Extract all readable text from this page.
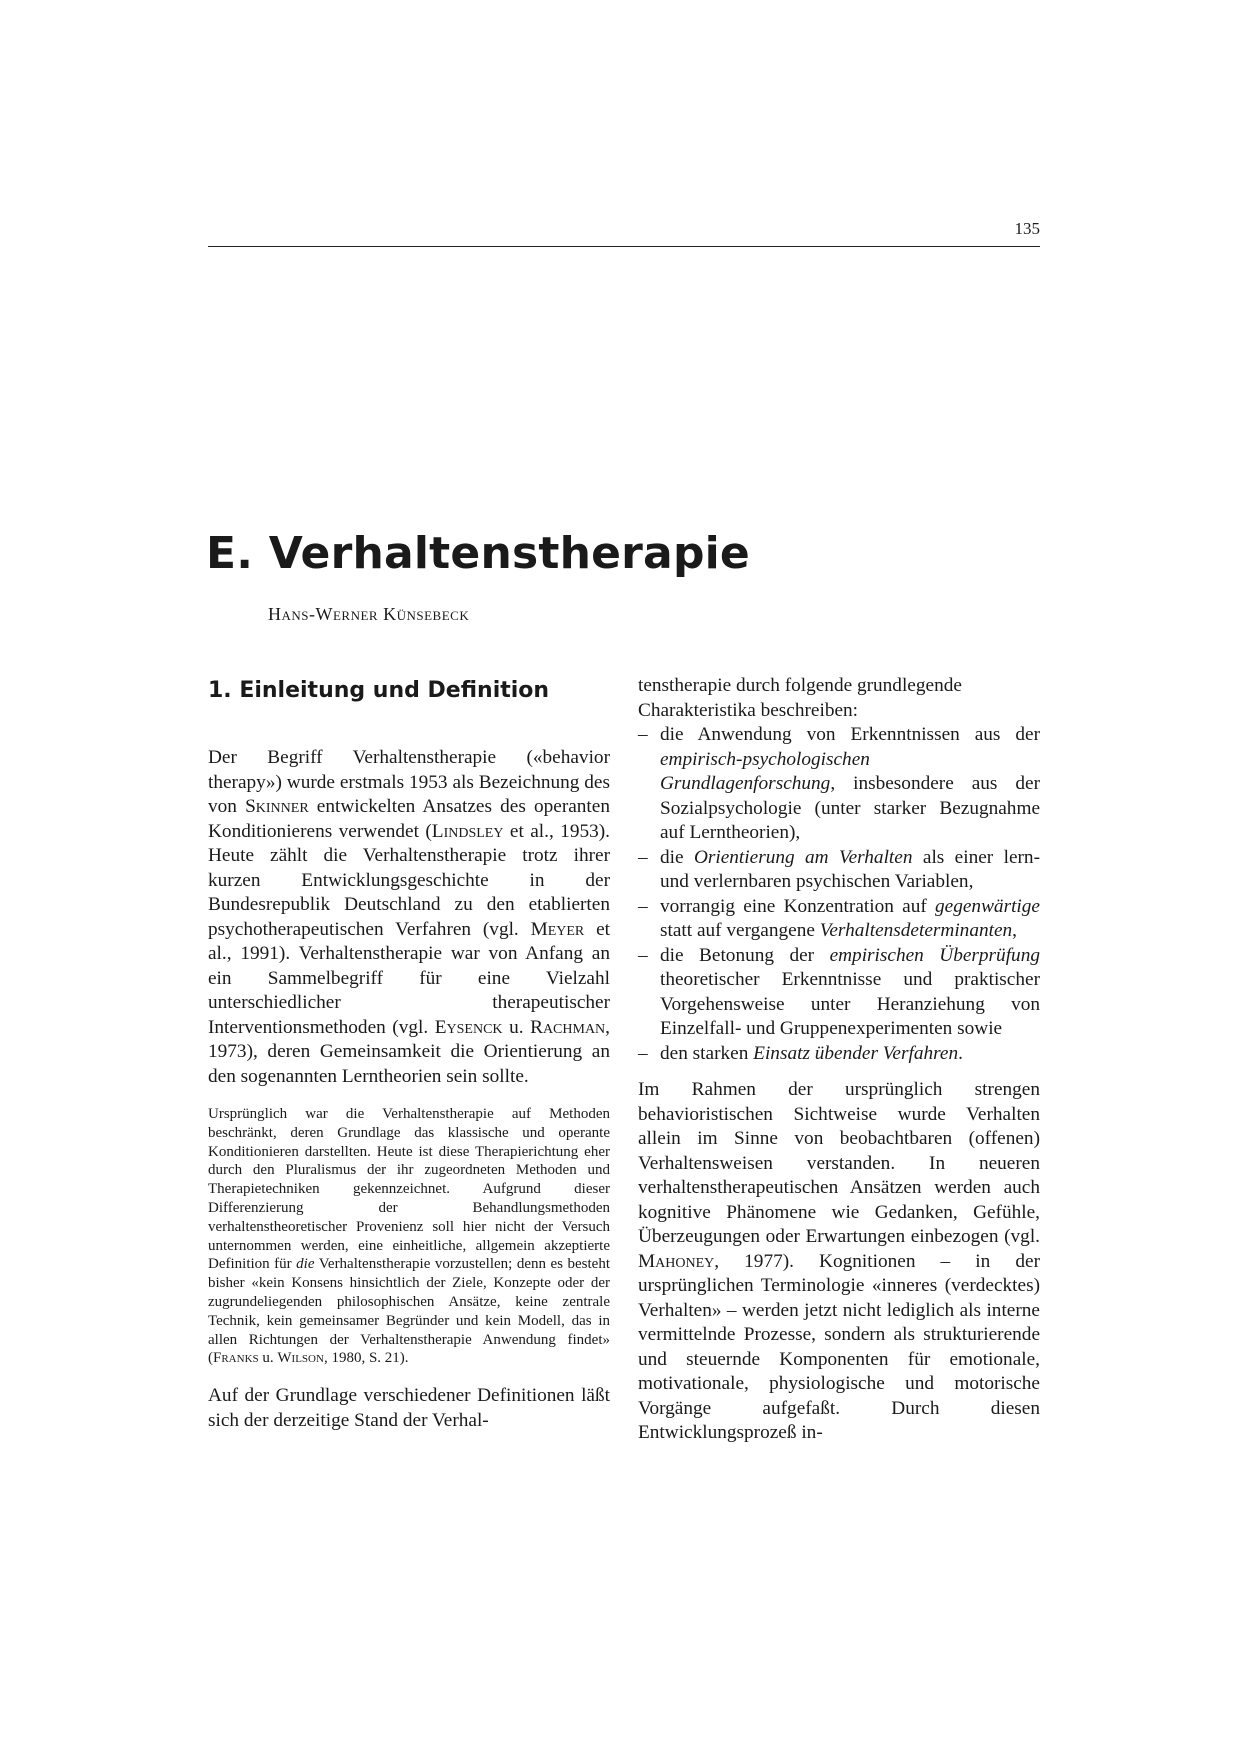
135
E. Verhaltenstherapie
Hans-Werner Künsebeck
1. Einleitung und Definition

Der Begriff Verhaltenstherapie («behavior therapy») wurde erstmals 1953 als Bezeichnung des von Skinner entwickelten Ansatzes des operanten Konditionierens verwendet (Lindsley et al., 1953). Heute zählt die Verhaltenstherapie trotz ihrer kurzen Entwicklungsgeschichte in der Bundesrepublik Deutschland zu den etablierten psychotherapeutischen Verfahren (vgl. Meyer et al., 1991). Verhaltenstherapie war von Anfang an ein Sammelbegriff für eine Vielzahl unterschiedlicher therapeutischer Interventionsmethoden (vgl. Eysenck u. Rachman, 1973), deren Gemeinsamkeit die Orientierung an den sogenannten Lerntheorien sein sollte.

Ursprünglich war die Verhaltenstherapie auf Methoden beschränkt, deren Grundlage das klassische und operante Konditionieren darstellten. Heute ist diese Therapierichtung eher durch den Pluralismus der ihr zugeordneten Methoden und Therapietechniken gekennzeichnet. Aufgrund dieser Differenzierung der Behandlungsmethoden verhaltenstheoretischer Provenienz soll hier nicht der Versuch unternommen werden, eine einheitliche, allgemein akzeptierte Definition für die Verhaltenstherapie vorzustellen; denn es besteht bisher «kein Konsens hinsichtlich der Ziele, Konzepte oder der zugrundeliegenden philosophischen Ansätze, keine zentrale Technik, kein gemeinsamer Begründer und kein Modell, das in allen Richtungen der Verhaltenstherapie Anwendung findet» (Franks u. Wilson, 1980, S. 21).

Auf der Grundlage verschiedener Definitionen läßt sich der derzeitige Stand der Verhal-

tenstherapie durch folgende grundlegende Charakteristika beschreiben:

– die Anwendung von Erkenntnissen aus der empirisch-psychologischen Grundlagenforschung, insbesondere aus der Sozialpsychologie (unter starker Bezugnahme auf Lerntheorien),
– die Orientierung am Verhalten als einer lern- und verlernbaren psychischen Variablen,
– vorrangig eine Konzentration auf gegenwärtige statt auf vergangene Verhaltensdeterminanten,
– die Betonung der empirischen Überprüfung theoretischer Erkenntnisse und praktischer Vorgehensweise unter Heranziehung von Einzelfall- und Gruppenexperimenten sowie
– den starken Einsatz übender Verfahren.

Im Rahmen der ursprünglich strengen behavioristischen Sichtweise wurde Verhalten allein im Sinne von beobachtbaren (offenen) Verhaltensweisen verstanden. In neueren verhaltenstherapeutischen Ansätzen werden auch kognitive Phänomene wie Gedanken, Gefühle, Überzeugungen oder Erwartungen einbezogen (vgl. Mahoney, 1977). Kognitionen – in der ursprünglichen Terminologie «inneres (verdecktes) Verhalten» – werden jetzt nicht lediglich als interne vermittelnde Prozesse, sondern als strukturierende und steuernde Komponenten für emotionale, motivationale, physiologische und motorische Vorgänge aufgefaßt. Durch diesen Entwicklungsprozeß in-
